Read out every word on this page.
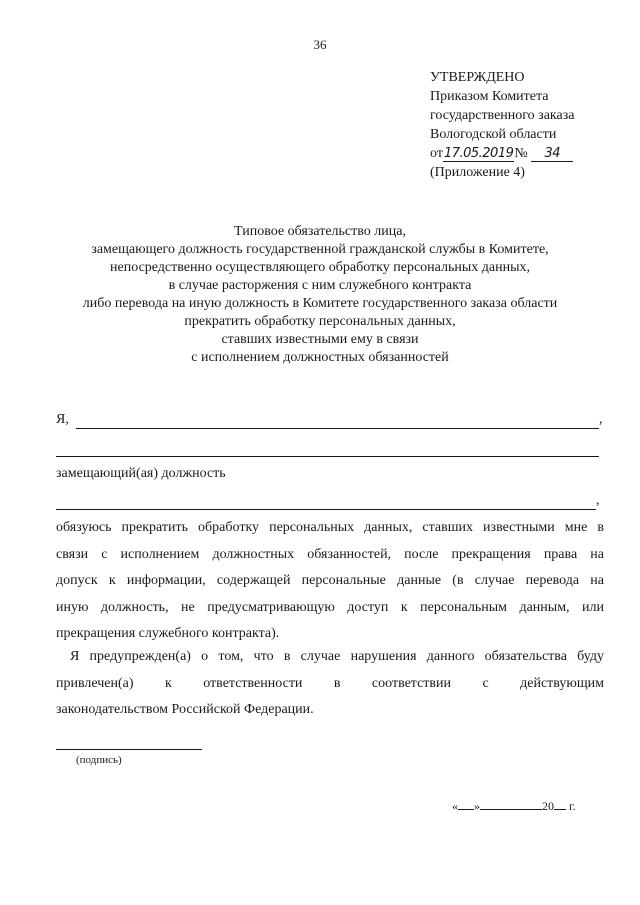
36
УТВЕРЖДЕНО
Приказом Комитета
государственного заказа
Вологодской области
от17.05.2019№ 34
(Приложение 4)
Типовое обязательство лица,
замещающего должность государственной гражданской службы в Комитете,
непосредственно осуществляющего обработку персональных данных,
в случае расторжения с ним служебного контракта
либо перевода на иную должность в Комитете государственного заказа области
прекратить обработку персональных данных,
ставших известными ему в связи
с исполнением должностных обязанностей
Я,	,
замещающий(ая) должность
,
обязуюсь прекратить обработку персональных данных, ставших известными мне в
связи с исполнением должностных обязанностей, после прекращения права на
допуск к информации, содержащей персональные данные (в случае перевода на
иную должность, не предусматривающую доступ к персональным данным, или
прекращения служебного контракта).
Я предупрежден(а) о том, что в случае нарушения данного обязательства буду
привлечен(а) к ответственности в соответствии с действующим
законодательством Российской Федерации.
(подпись)
« »	20 г.
